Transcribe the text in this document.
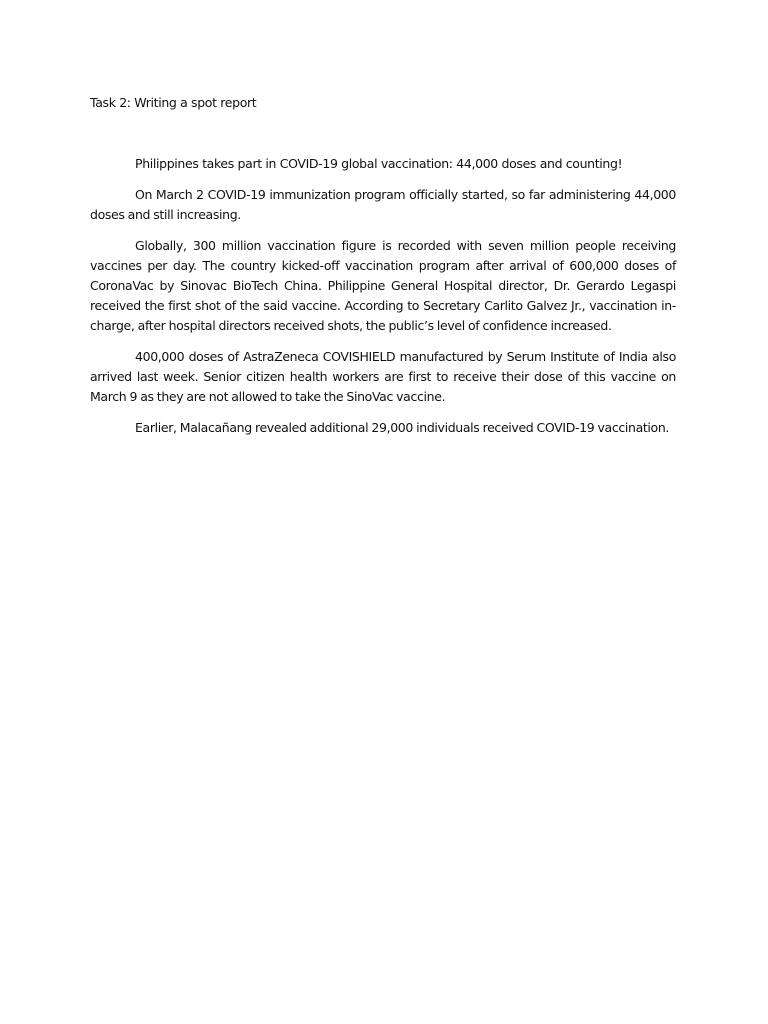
Task 2: Writing a spot report
Philippines takes part in COVID-19 global vaccination: 44,000 doses and counting!

On March 2 COVID-19 immunization program officially started, so far administering 44,000 doses and still increasing.

Globally, 300 million vaccination figure is recorded with seven million people receiving vaccines per day. The country kicked-off vaccination program after arrival of 600,000 doses of CoronaVac by Sinovac BioTech China. Philippine General Hospital director, Dr. Gerardo Legaspi received the first shot of the said vaccine. According to Secretary Carlito Galvez Jr., vaccination in-charge, after hospital directors received shots, the public’s level of confidence increased.

400,000 doses of AstraZeneca COVISHIELD manufactured by Serum Institute of India also arrived last week. Senior citizen health workers are first to receive their dose of this vaccine on March 9 as they are not allowed to take the SinoVac vaccine.

Earlier, Malacañang revealed additional 29,000 individuals received COVID-19 vaccination.
